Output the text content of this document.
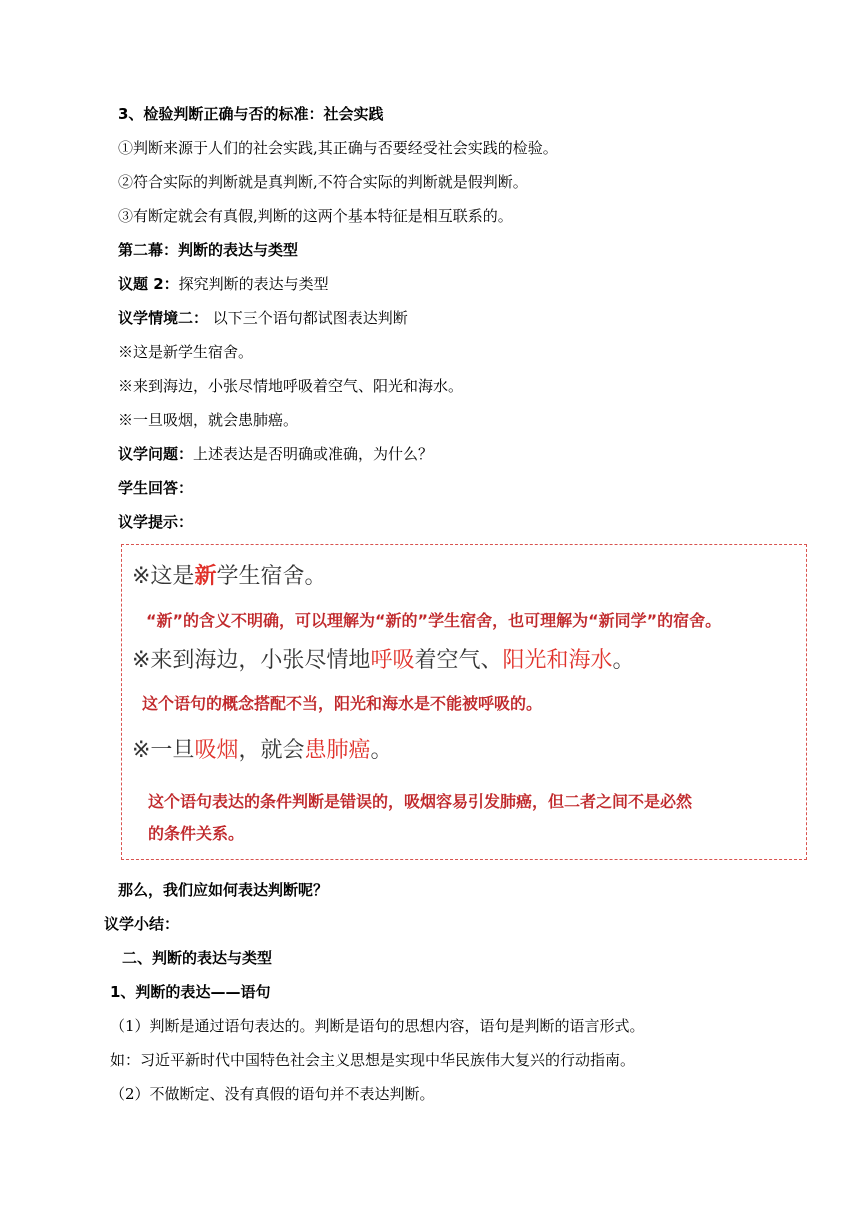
3、检验判断正确与否的标准：社会实践
①判断来源于人们的社会实践,其正确与否要经受社会实践的检验。
②符合实际的判断就是真判断,不符合实际的判断就是假判断。
③有断定就会有真假,判断的这两个基本特征是相互联系的。
第二幕：判断的表达与类型
议题 2：探究判断的表达与类型
议学情境二： 以下三个语句都试图表达判断
※这是新学生宿舍。
※来到海边，小张尽情地呼吸着空气、阳光和海水。
※一旦吸烟，就会患肺癌。
议学问题：上述表达是否明确或准确，为什么？
学生回答：
议学提示：
※这是新学生宿舍。
“新”的含义不明确，可以理解为“新的”学生宿舍，也可理解为“新同学”的宿舍。
※来到海边，小张尽情地呼吸着空气、阳光和海水。
这个语句的概念搭配不当，阳光和海水是不能被呼吸的。
※一旦吸烟，就会患肺癌。
这个语句表达的条件判断是错误的，吸烟容易引发肺癌，但二者之间不是必然
的条件关系。
那么，我们应如何表达判断呢？
议学小结：
二、判断的表达与类型
1、判断的表达——语句
（1）判断是通过语句表达的。判断是语句的思想内容，语句是判断的语言形式。
如：习近平新时代中国特色社会主义思想是实现中华民族伟大复兴的行动指南。
（2）不做断定、没有真假的语句并不表达判断。
